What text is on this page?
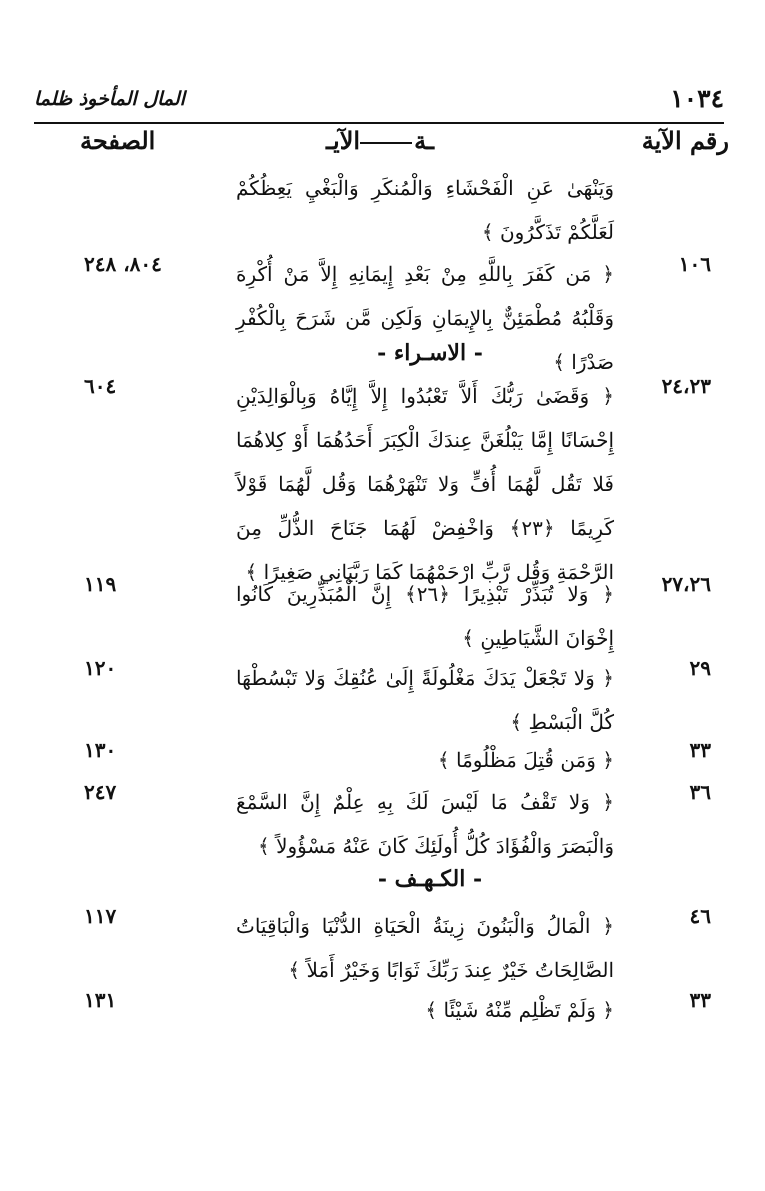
المال المأخوذ ظلما	١٠٣٤
رقم الآية
ـةالآيـ
الصفحة
وَيَنْهَىٰ عَنِ الْفَحْشَاءِ وَالْمُنكَرِ وَالْبَغْيِ يَعِظُكُمْ لَعَلَّكُمْ تَذَكَّرُونَ ﴾
١٠٦
﴿ مَن كَفَرَ بِاللَّهِ مِنْ بَعْدِ إِيمَانِهِ إِلاَّ مَنْ أُكْرِهَ وَقَلْبُهُ مُطْمَئِنٌّ بِالإِيمَانِ وَلَكِن مَّن شَرَحَ بِالْكُفْرِ صَدْرًا ﴾
٨٠٤، ٢٤٨
- الاسـراء -
٢٤،٢٣
﴿ وَقَضَىٰ رَبُّكَ أَلاَّ تَعْبُدُوا إِلاَّ إِيَّاهُ وَبِالْوَالِدَيْنِ إِحْسَانًا إِمَّا يَبْلُغَنَّ عِندَكَ الْكِبَرَ أَحَدُهُمَا أَوْ كِلاهُمَا فَلا تَقُل لَّهُمَا أُفٍّ وَلا تَنْهَرْهُمَا وَقُل لَّهُمَا قَوْلاً كَرِيمًا ﴿٢٣﴾ وَاخْفِضْ لَهُمَا جَنَاحَ الذُّلِّ مِنَ الرَّحْمَةِ وَقُل رَّبِّ ارْحَمْهُمَا كَمَا رَبَّيَانِي صَغِيرًا ﴾
٦٠٤
٢٧،٢٦
﴿ وَلا تُبَذِّرْ تَبْذِيرًا ﴿٢٦﴾ إِنَّ الْمُبَذِّرِينَ كَانُوا إِخْوَانَ الشَّيَاطِينِ ﴾
١١٩
٢٩
﴿ وَلا تَجْعَلْ يَدَكَ مَغْلُولَةً إِلَىٰ عُنُقِكَ وَلا تَبْسُطْهَا كُلَّ الْبَسْطِ ﴾
١٢٠
٣٣
﴿ وَمَن قُتِلَ مَظْلُومًا ﴾
١٣٠
٣٦
﴿ وَلا تَقْفُ مَا لَيْسَ لَكَ بِهِ عِلْمٌ إِنَّ السَّمْعَ وَالْبَصَرَ وَالْفُؤَادَ كُلُّ أُولَئِكَ كَانَ عَنْهُ مَسْؤُولاً ﴾
٢٤٧
- الكـهـف -
٤٦
﴿ الْمَالُ وَالْبَنُونَ زِينَةُ الْحَيَاةِ الدُّنْيَا وَالْبَاقِيَاتُ الصَّالِحَاتُ خَيْرٌ عِندَ رَبِّكَ ثَوَابًا وَخَيْرٌ أَمَلاً ﴾
١١٧
٣٣
﴿ وَلَمْ تَظْلِم مِّنْهُ شَيْئًا ﴾
١٣١
